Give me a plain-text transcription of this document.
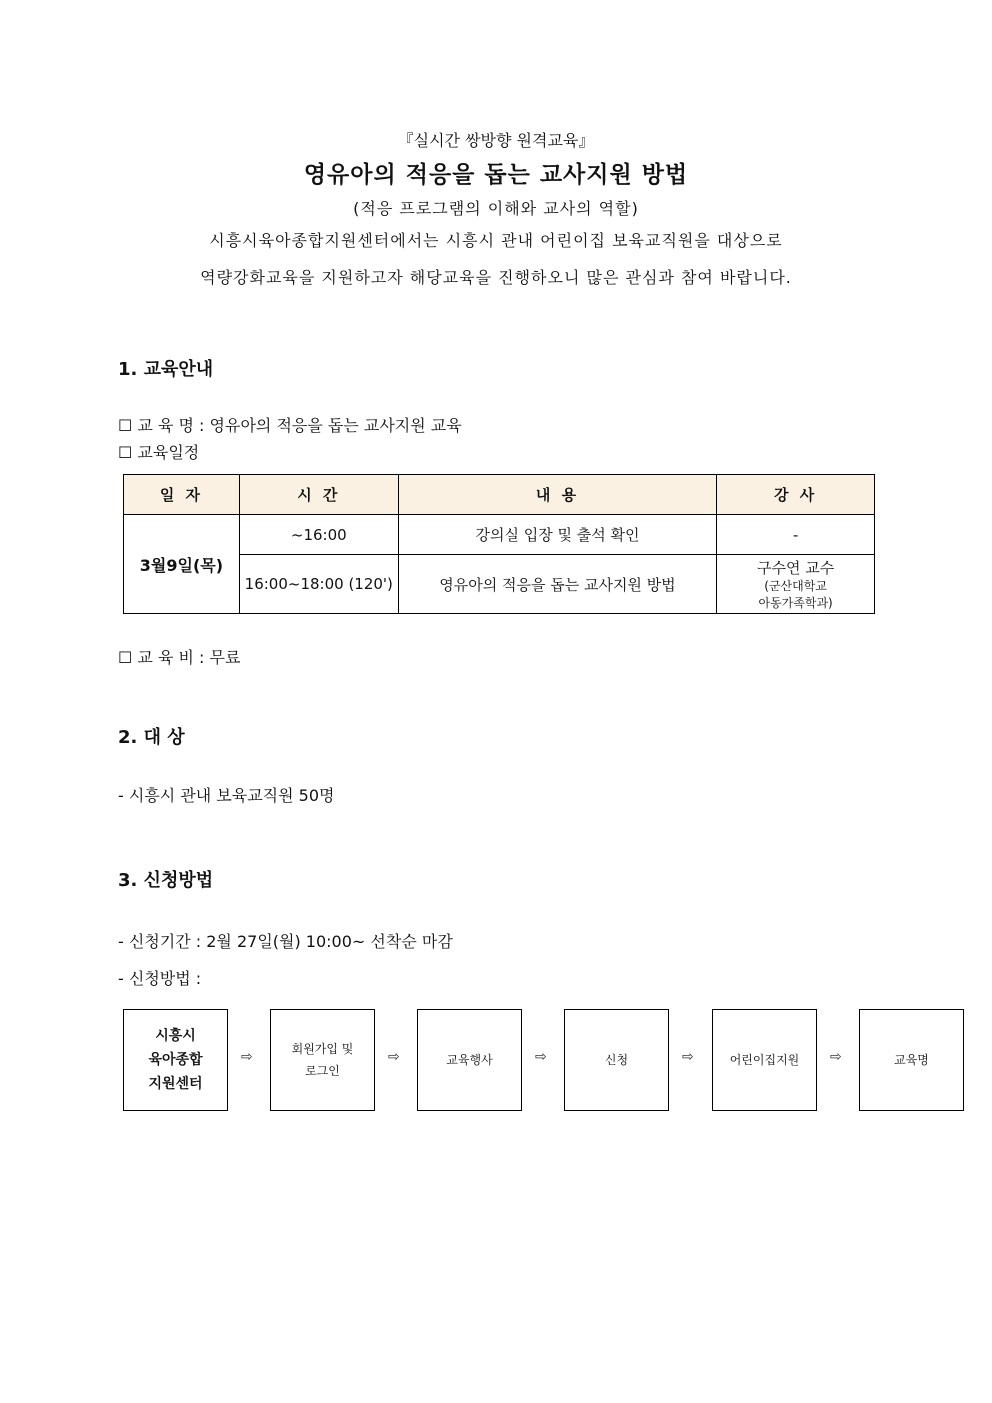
『실시간 쌍방향 원격교육』
영유아의 적응을 돕는 교사지원 방법
(적응 프로그램의 이해와 교사의 역할)
시흥시육아종합지원센터에서는 시흥시 관내 어린이집 보육교직원을 대상으로
역량강화교육을 지원하고자 해당교육을 진행하오니 많은 관심과 참여 바랍니다.
1. 교육안내
☐ 교 육 명 : 영유아의 적응을 돕는 교사지원 교육
☐ 교육일정
일 자	시 간	내 용	강 사
3월9일(목)	~16:00	강의실 입장 및 출석 확인	-
	16:00~18:00 (120')	영유아의 적응을 돕는 교사지원 방법	구수연 교수
(군산대학교
아동가족학과)
☐ 교 육 비 : 무료
2. 대 상
- 시흥시 관내 보육교직원 50명
3. 신청방법
- 신청기간 : 2월 27일(월) 10:00~ 선착순 마감
- 신청방법 :
시흥시
육아종합
지원센터
⇨	회원가입 및
로그인
⇨	교육행사	⇨	신청	⇨	어린이집지원 ⇨	교육명
